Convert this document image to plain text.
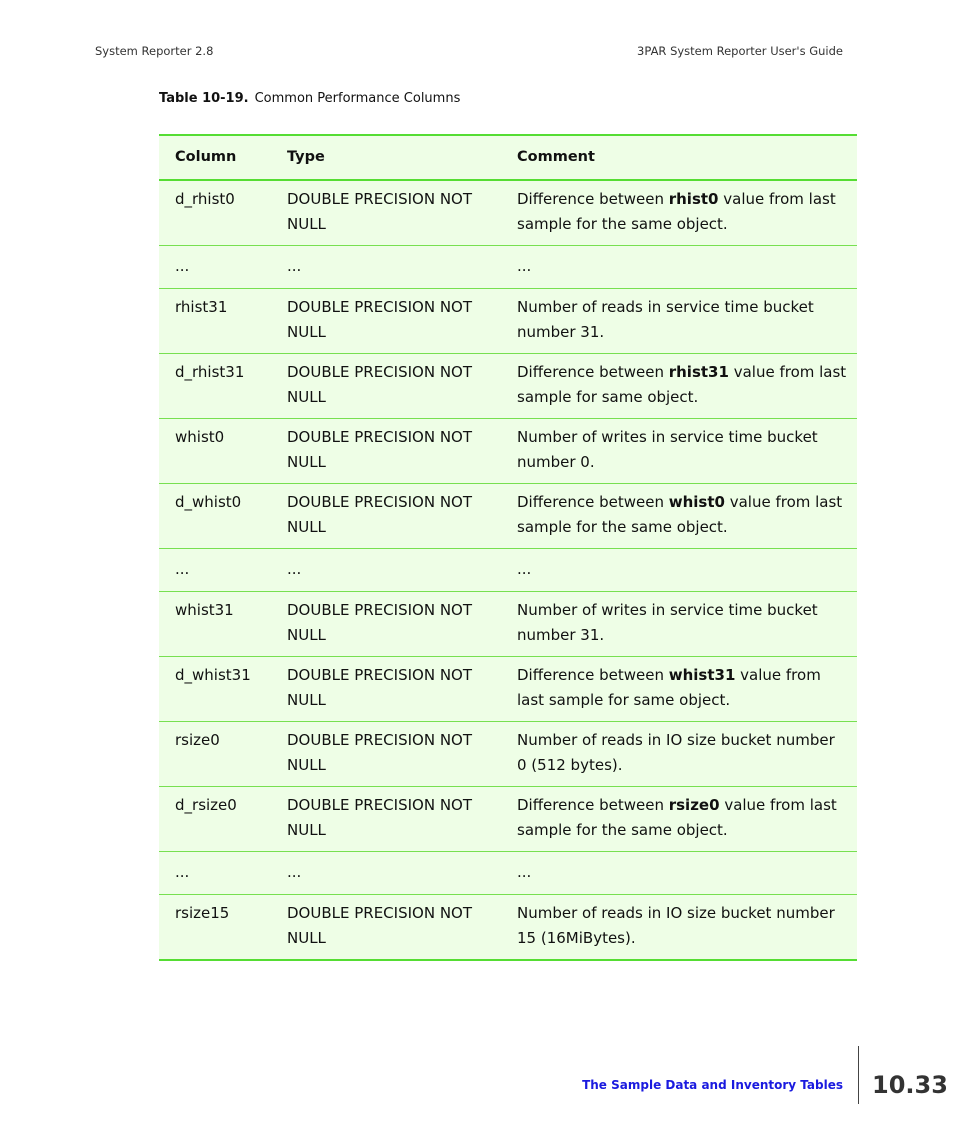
System Reporter 2.8	3PAR System Reporter User's Guide
Table 10-19. Common Performance Columns
Column	Type	Comment
d_rhist0	DOUBLE PRECISION NOT NULL	Difference between rhist0 value from last sample for the same object.
...	...	...
rhist31	DOUBLE PRECISION NOT NULL	Number of reads in service time bucket number 31.
d_rhist31	DOUBLE PRECISION NOT NULL	Difference between rhist31 value from last sample for same object.
whist0	DOUBLE PRECISION NOT NULL	Number of writes in service time bucket number 0.
d_whist0	DOUBLE PRECISION NOT NULL	Difference between whist0 value from last sample for the same object.
...	...	...
whist31	DOUBLE PRECISION NOT NULL	Number of writes in service time bucket number 31.
d_whist31	DOUBLE PRECISION NOT NULL	Difference between whist31 value from last sample for same object.
rsize0	DOUBLE PRECISION NOT NULL	Number of reads in IO size bucket number 0 (512 bytes).
d_rsize0	DOUBLE PRECISION NOT NULL	Difference between rsize0 value from last sample for the same object.
...	...	...
rsize15	DOUBLE PRECISION NOT NULL	Number of reads in IO size bucket number 15 (16MiBytes).
The Sample Data and Inventory Tables 10.33
